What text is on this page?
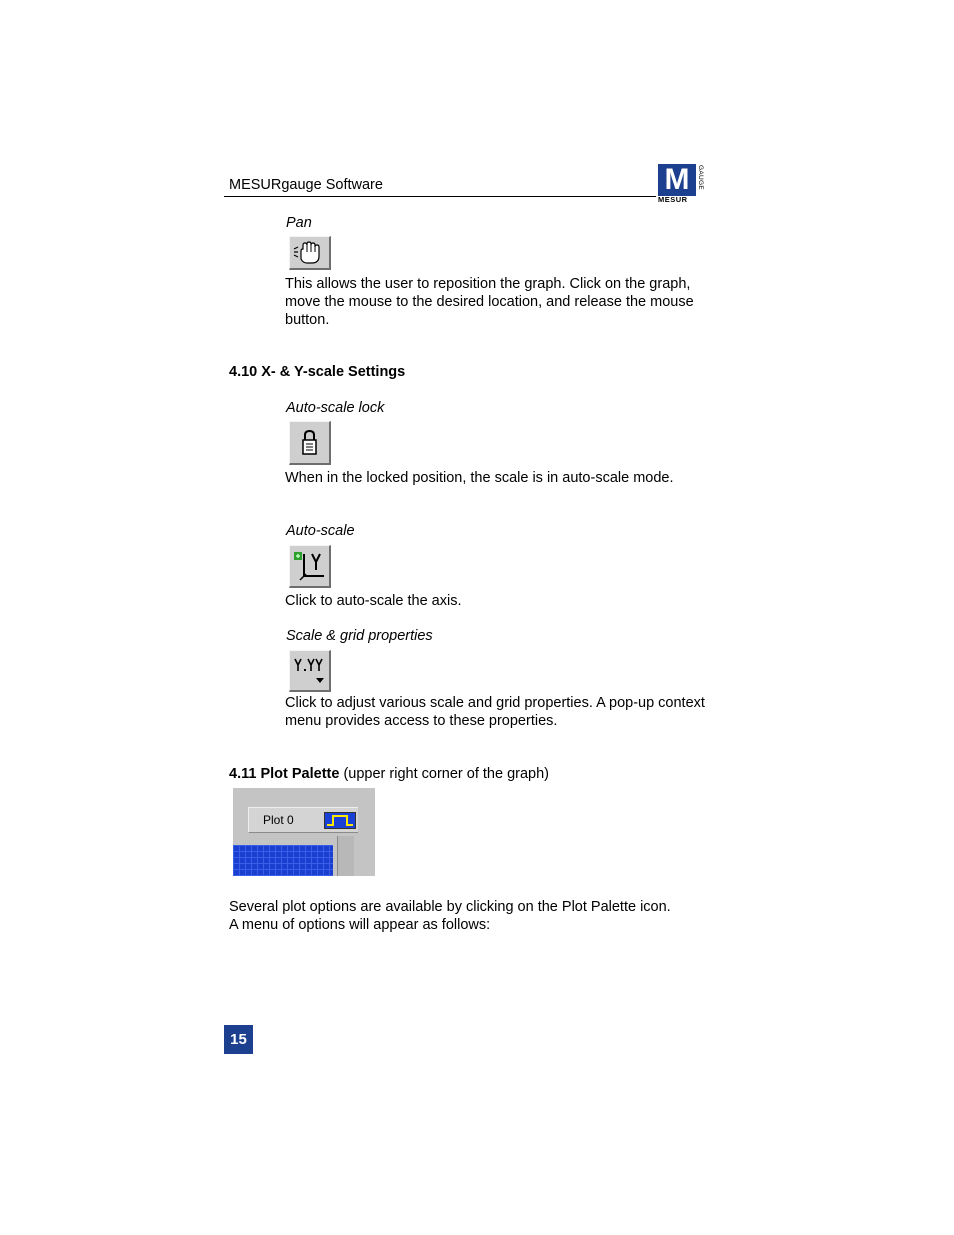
MESURgauge Software	M
MESUR
GAUGE
Pan
This allows the user to reposition the graph. Click on the graph, move the mouse to the desired location, and release the mouse button.
4.10 X- & Y-scale Settings
Auto-scale lock
When in the locked position, the scale is in auto-scale mode.
Auto-scale
Click to auto-scale the axis.
Scale & grid properties
Click to adjust various scale and grid properties. A pop-up context menu provides access to these properties.
4.11 Plot Palette (upper right corner of the graph)
Plot 0
Several plot options are available by clicking on the Plot Palette icon. A menu of options will appear as follows:
15
